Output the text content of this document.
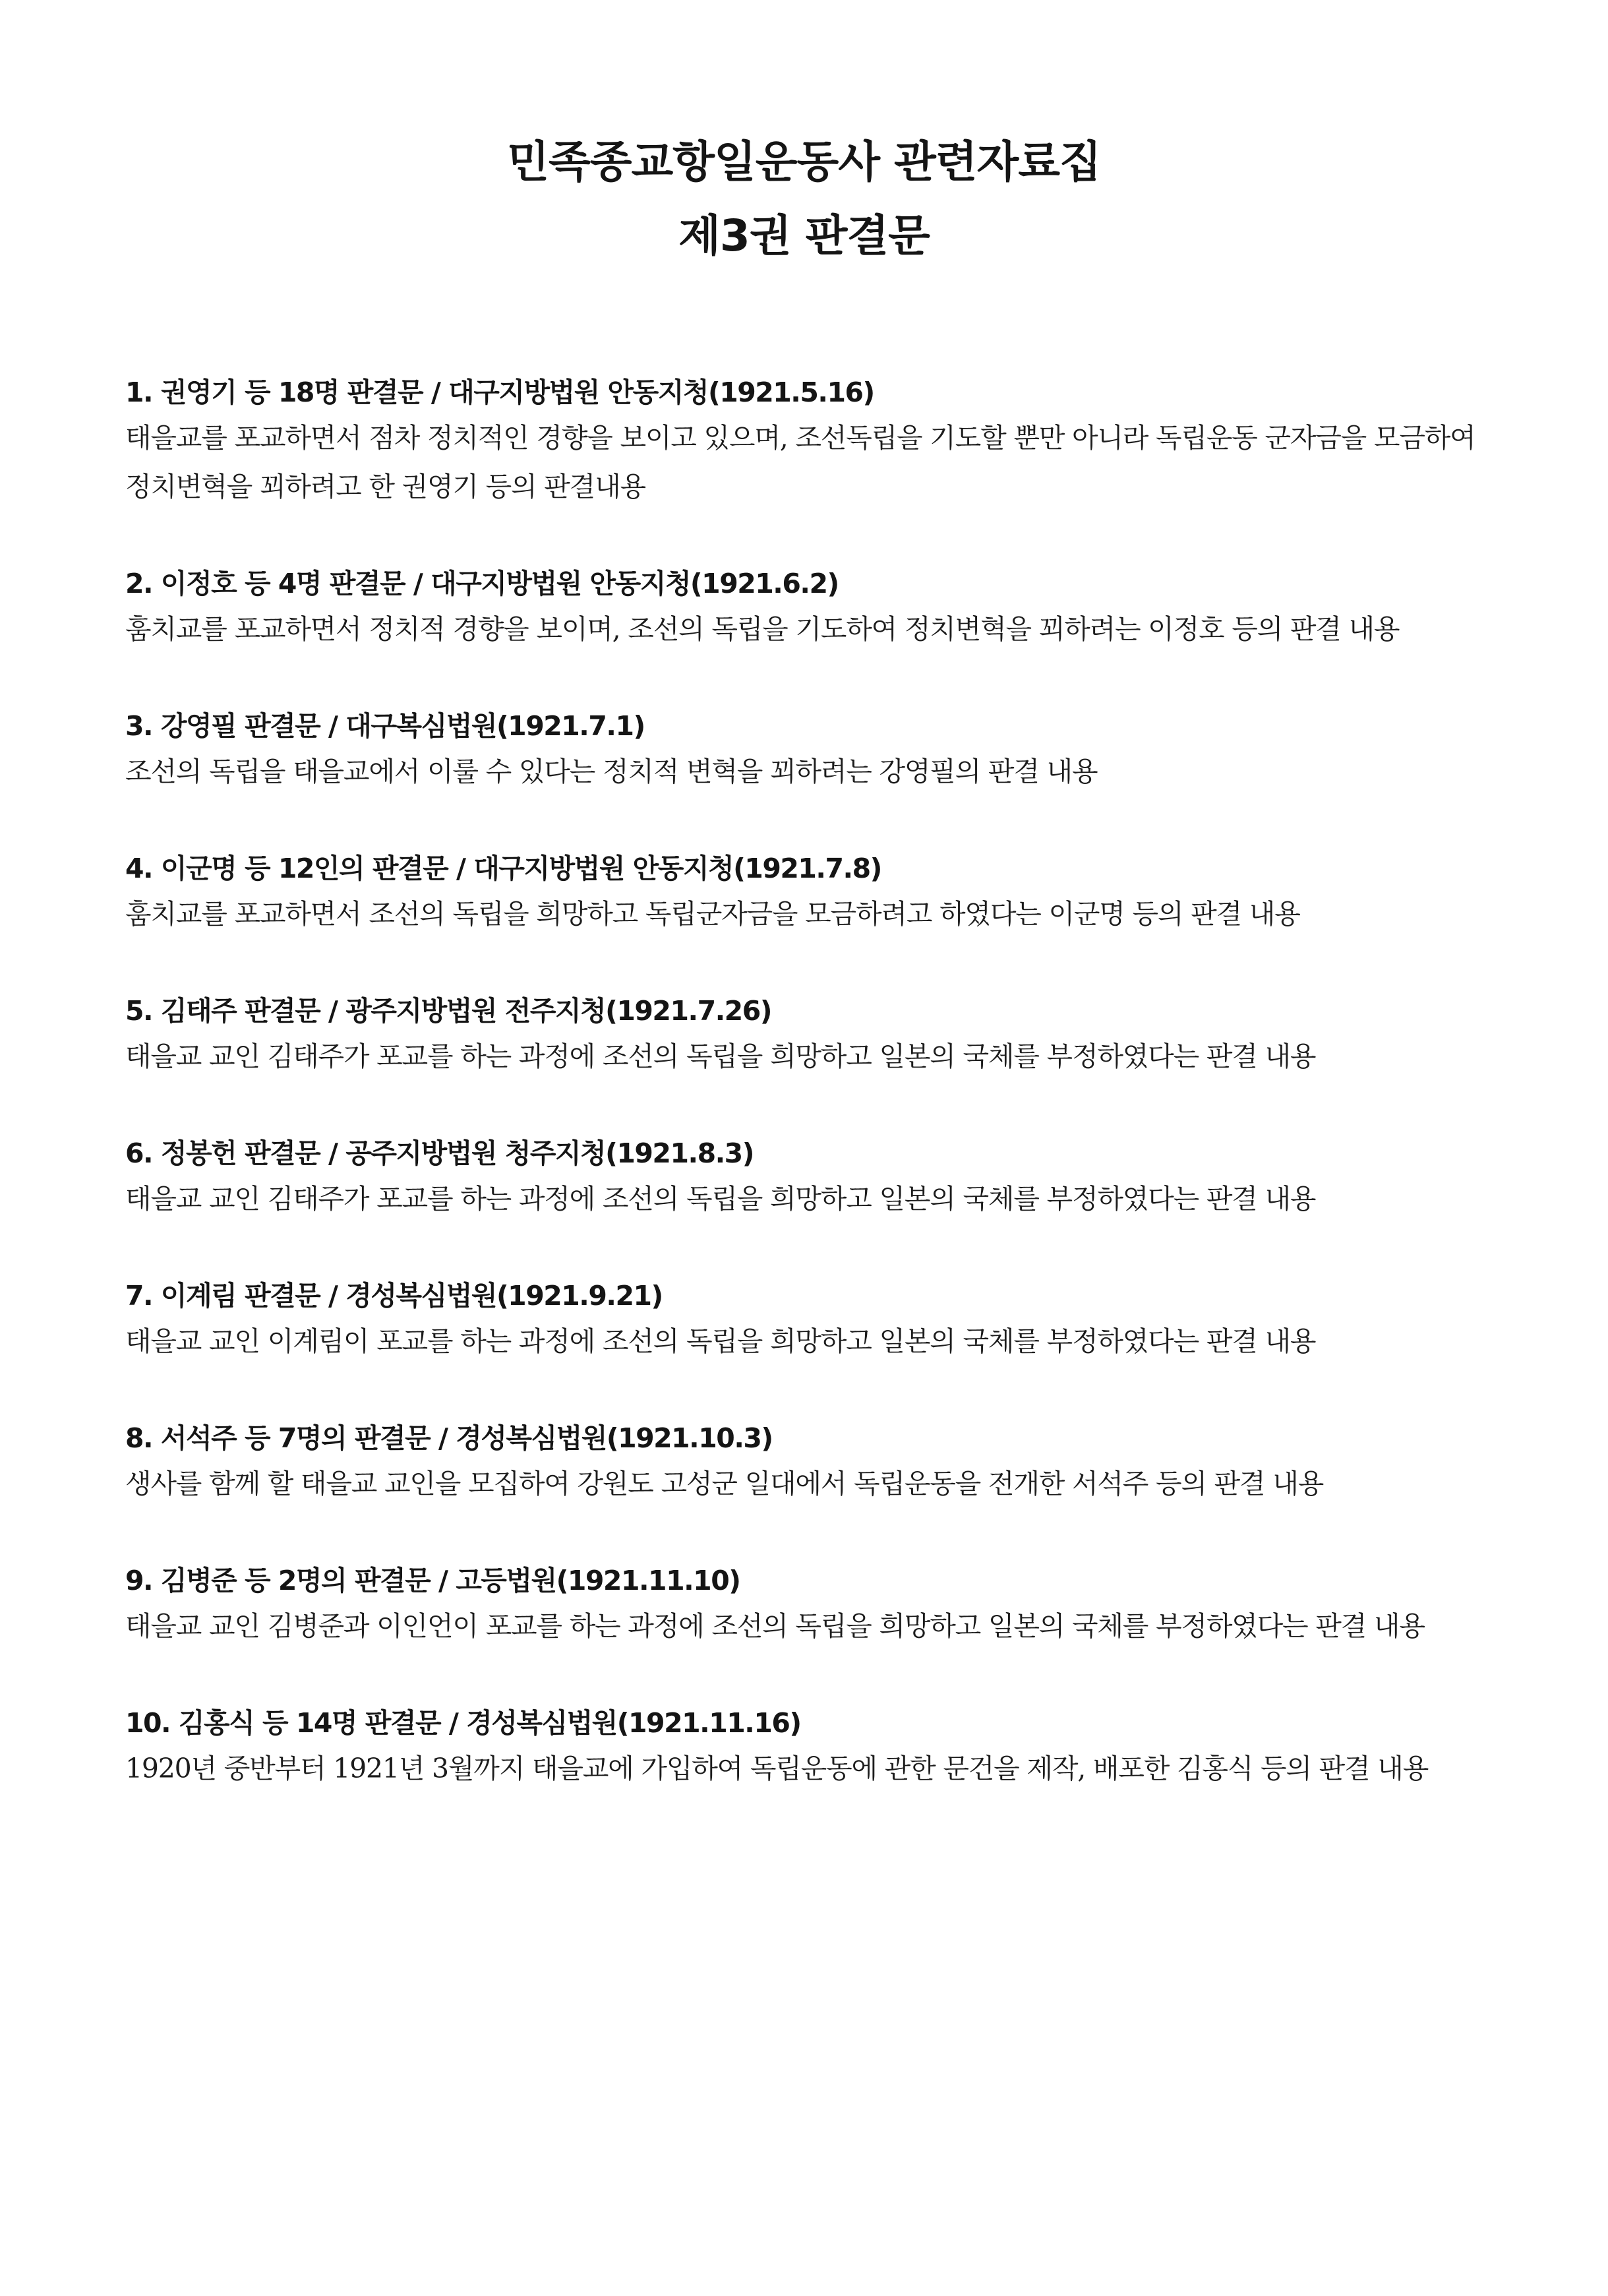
민족종교항일운동사 관련자료집
제3권 판결문
1. 권영기 등 18명 판결문 / 대구지방법원 안동지청(1921.5.16)
태을교를 포교하면서 점차 정치적인 경향을 보이고 있으며, 조선독립을 기도할 뿐만 아니라 독립운동 군자금을 모금하여 정치변혁을 꾀하려고 한 권영기 등의 판결내용
2. 이정호 등 4명 판결문 / 대구지방법원 안동지청(1921.6.2)
훔치교를 포교하면서 정치적 경향을 보이며, 조선의 독립을 기도하여 정치변혁을 꾀하려는 이정호 등의 판결 내용
3. 강영필 판결문 / 대구복심법원(1921.7.1)
조선의 독립을 태을교에서 이룰 수 있다는 정치적 변혁을 꾀하려는 강영필의 판결 내용
4. 이군명 등 12인의 판결문 / 대구지방법원 안동지청(1921.7.8)
훔치교를 포교하면서 조선의 독립을 희망하고 독립군자금을 모금하려고 하였다는 이군명 등의 판결 내용
5. 김태주 판결문 / 광주지방법원 전주지청(1921.7.26)
태을교 교인 김태주가 포교를 하는 과정에 조선의 독립을 희망하고 일본의 국체를 부정하였다는 판결 내용
6. 정봉헌 판결문 / 공주지방법원 청주지청(1921.8.3)
태을교 교인 김태주가 포교를 하는 과정에 조선의 독립을 희망하고 일본의 국체를 부정하였다는 판결 내용
7. 이계림 판결문 / 경성복심법원(1921.9.21)
태을교 교인 이계림이 포교를 하는 과정에 조선의 독립을 희망하고 일본의 국체를 부정하였다는 판결 내용
8. 서석주 등 7명의 판결문 / 경성복심법원(1921.10.3)
생사를 함께 할 태을교 교인을 모집하여 강원도 고성군 일대에서 독립운동을 전개한 서석주 등의 판결 내용
9. 김병준 등 2명의 판결문 / 고등법원(1921.11.10)
태을교 교인 김병준과 이인언이 포교를 하는 과정에 조선의 독립을 희망하고 일본의 국체를 부정하였다는 판결 내용
10. 김홍식 등 14명 판결문 / 경성복심법원(1921.11.16)
1920년 중반부터 1921년 3월까지 태을교에 가입하여 독립운동에 관한 문건을 제작, 배포한 김홍식 등의 판결 내용
